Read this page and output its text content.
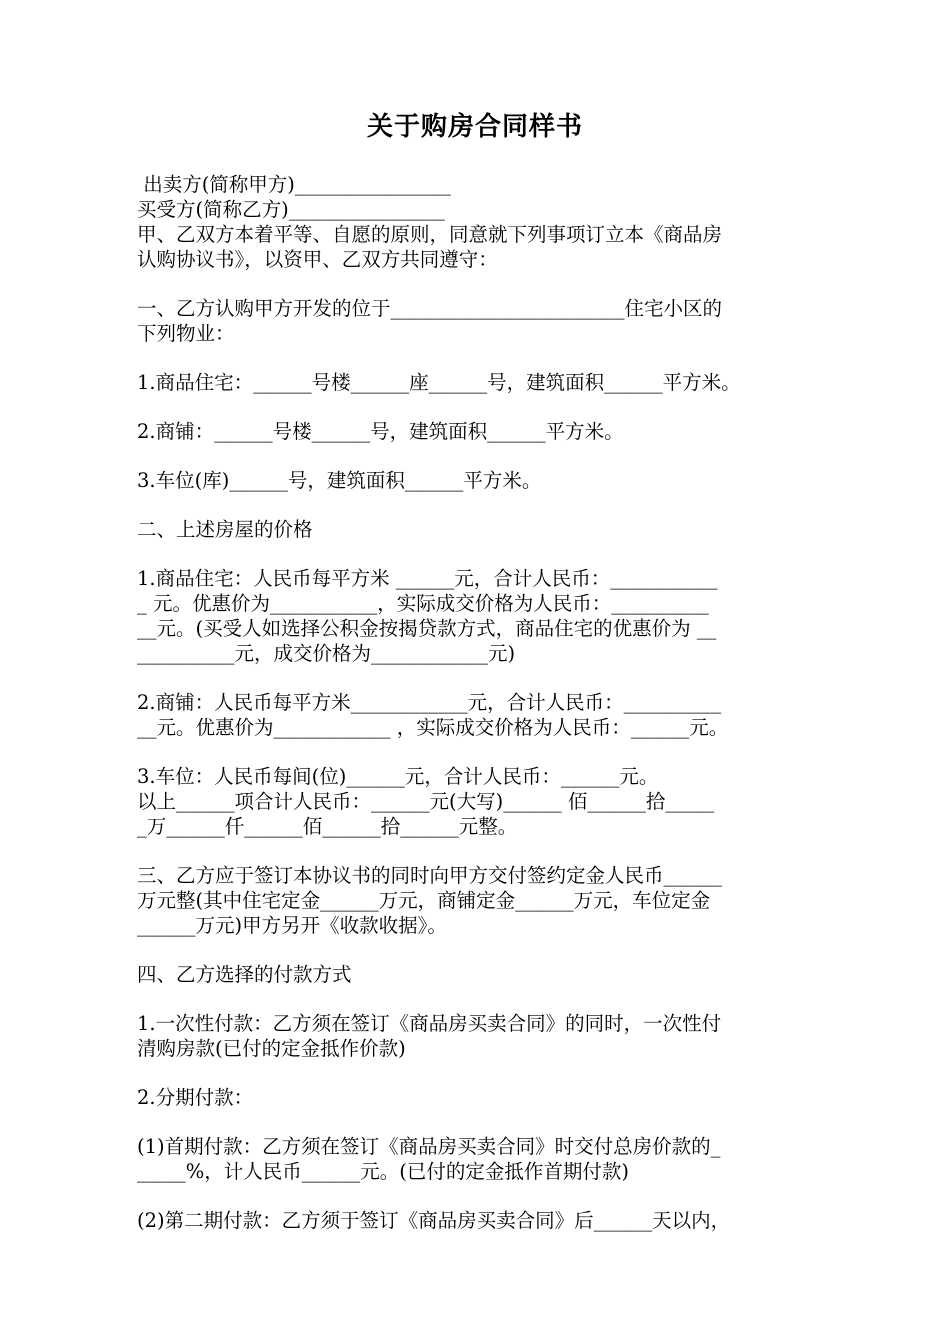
关于购房合同样书
出卖方(简称甲方)________________
买受方(简称乙方)________________
甲、乙双方本着平等、自愿的原则，同意就下列事项订立本《商品房
认购协议书》，以资甲、乙双方共同遵守：
一、乙方认购甲方开发的位于________________________住宅小区的
下列物业：
1.商品住宅：______号楼______座______号，建筑面积______平方米。
2.商铺：______号楼______号，建筑面积______平方米。
3.车位(库)______号，建筑面积______平方米。
二、上述房屋的价格
1.商品住宅：人民币每平方米 ______元，合计人民币：___________
_ 元。优惠价为___________，实际成交价格为人民币：__________
__元。(买受人如选择公积金按揭贷款方式，商品住宅的优惠价为 __
__________元，成交价格为____________元)
2.商铺：人民币每平方米____________元，合计人民币：__________
__元。优惠价为____________ ，实际成交价格为人民币：______元。
3.车位：人民币每间(位)______元，合计人民币：______元。
以上______项合计人民币：______元(大写)______ 佰______拾_____
_万______仟______佰______拾______元整。
三、乙方应于签订本协议书的同时向甲方交付签约定金人民币______
万元整(其中住宅定金______万元，商铺定金______万元，车位定金
______万元)甲方另开《收款收据》。
四、乙方选择的付款方式
1.一次性付款：乙方须在签订《商品房买卖合同》的同时，一次性付
清购房款(已付的定金抵作价款)
2.分期付款：
(1)首期付款：乙方须在签订《商品房买卖合同》时交付总房价款的_
_____%，计人民币______元。(已付的定金抵作首期付款)
(2)第二期付款：乙方须于签订《商品房买卖合同》后______天以内，
